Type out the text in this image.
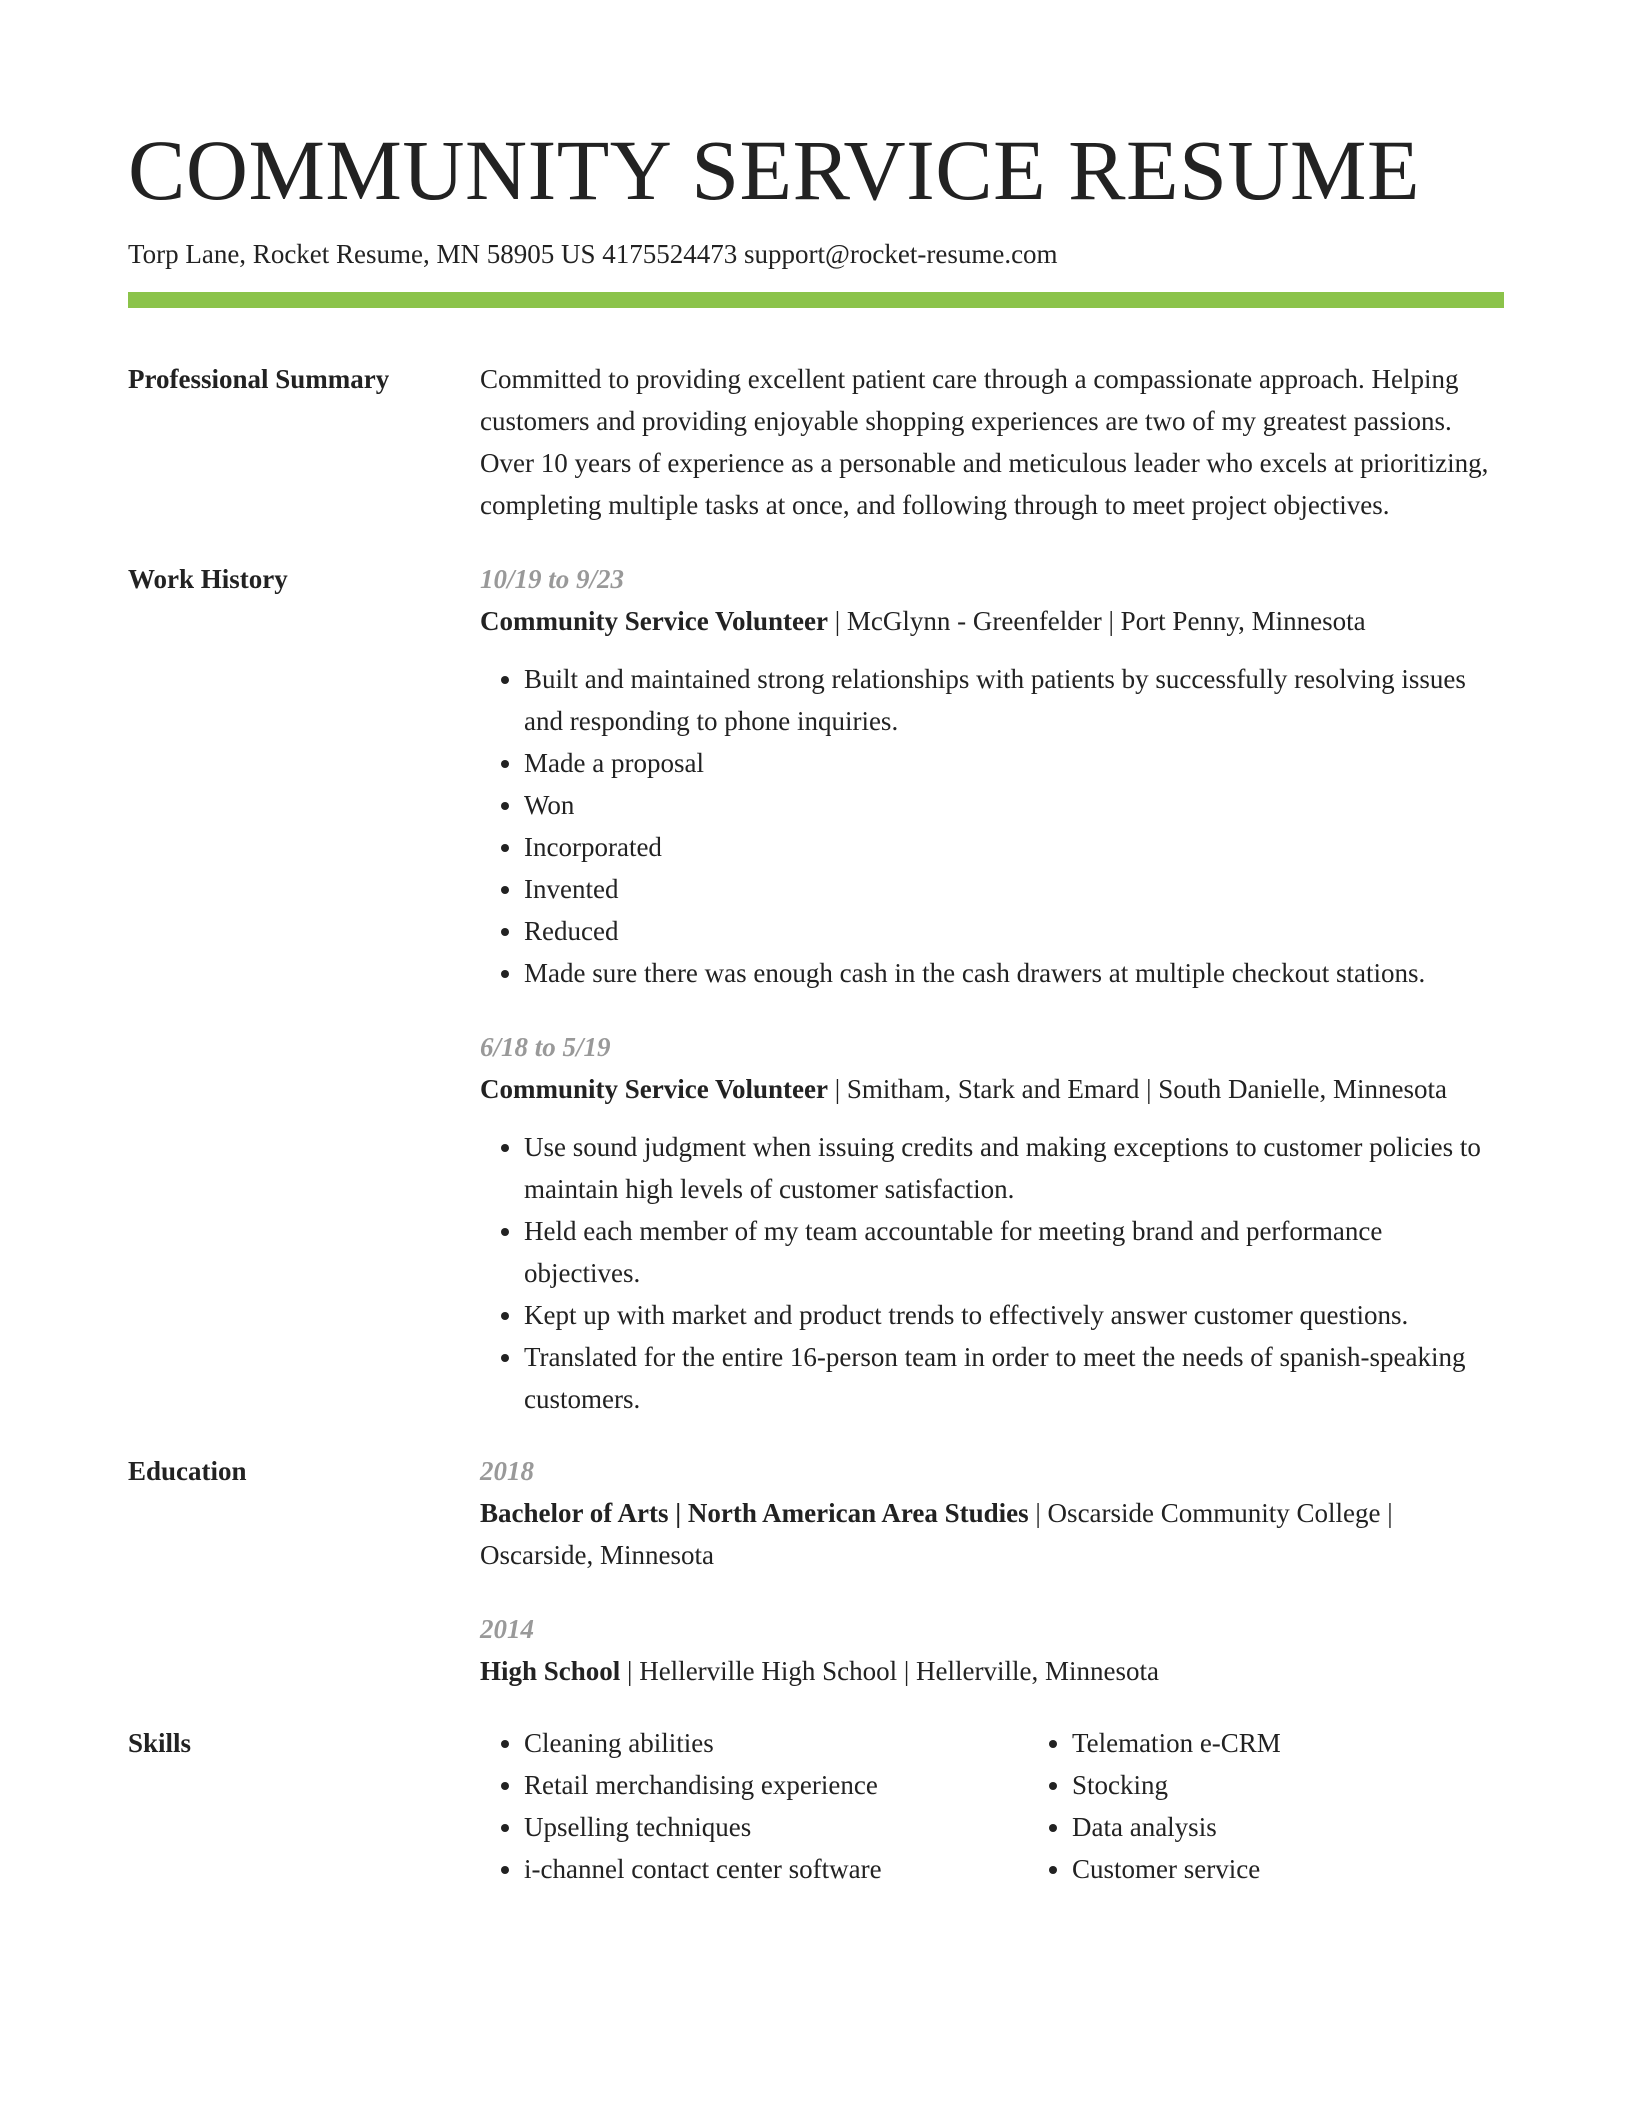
COMMUNITY SERVICE RESUME
Torp Lane, Rocket Resume, MN 58905 US 4175524473 support@rocket-resume.com
Professional Summary	Committed to providing excellent patient care through a compassionate approach. Helping customers and providing enjoyable shopping experiences are two of my greatest passions. Over 10 years of experience as a personable and meticulous leader who excels at prioritizing, completing multiple tasks at once, and following through to meet project objectives.

Work History	10/19 to 9/23
Community Service Volunteer | McGlynn - Greenfelder | Port Penny, Minnesota
• Built and maintained strong relationships with patients by successfully resolving issues and responding to phone inquiries.
• Made a proposal
• Won
• Incorporated
• Invented
• Reduced
• Made sure there was enough cash in the cash drawers at multiple checkout stations.
6/18 to 5/19
Community Service Volunteer | Smitham, Stark and Emard | South Danielle, Minnesota
• Use sound judgment when issuing credits and making exceptions to customer policies to maintain high levels of customer satisfaction.
• Held each member of my team accountable for meeting brand and performance objectives.
• Kept up with market and product trends to effectively answer customer questions.
• Translated for the entire 16-person team in order to meet the needs of spanish-speaking customers.
Education	2018
Bachelor of Arts | North American Area Studies | Oscarside Community College | Oscarside, Minnesota
2014
High School | Hellerville High School | Hellerville, Minnesota
Skills
•	Cleaning abilities
• Retail merchandising experience
• Upselling techniques
• i-channel contact center software
• Telemation e-CRM
• Stocking
• Data analysis
• Customer service
